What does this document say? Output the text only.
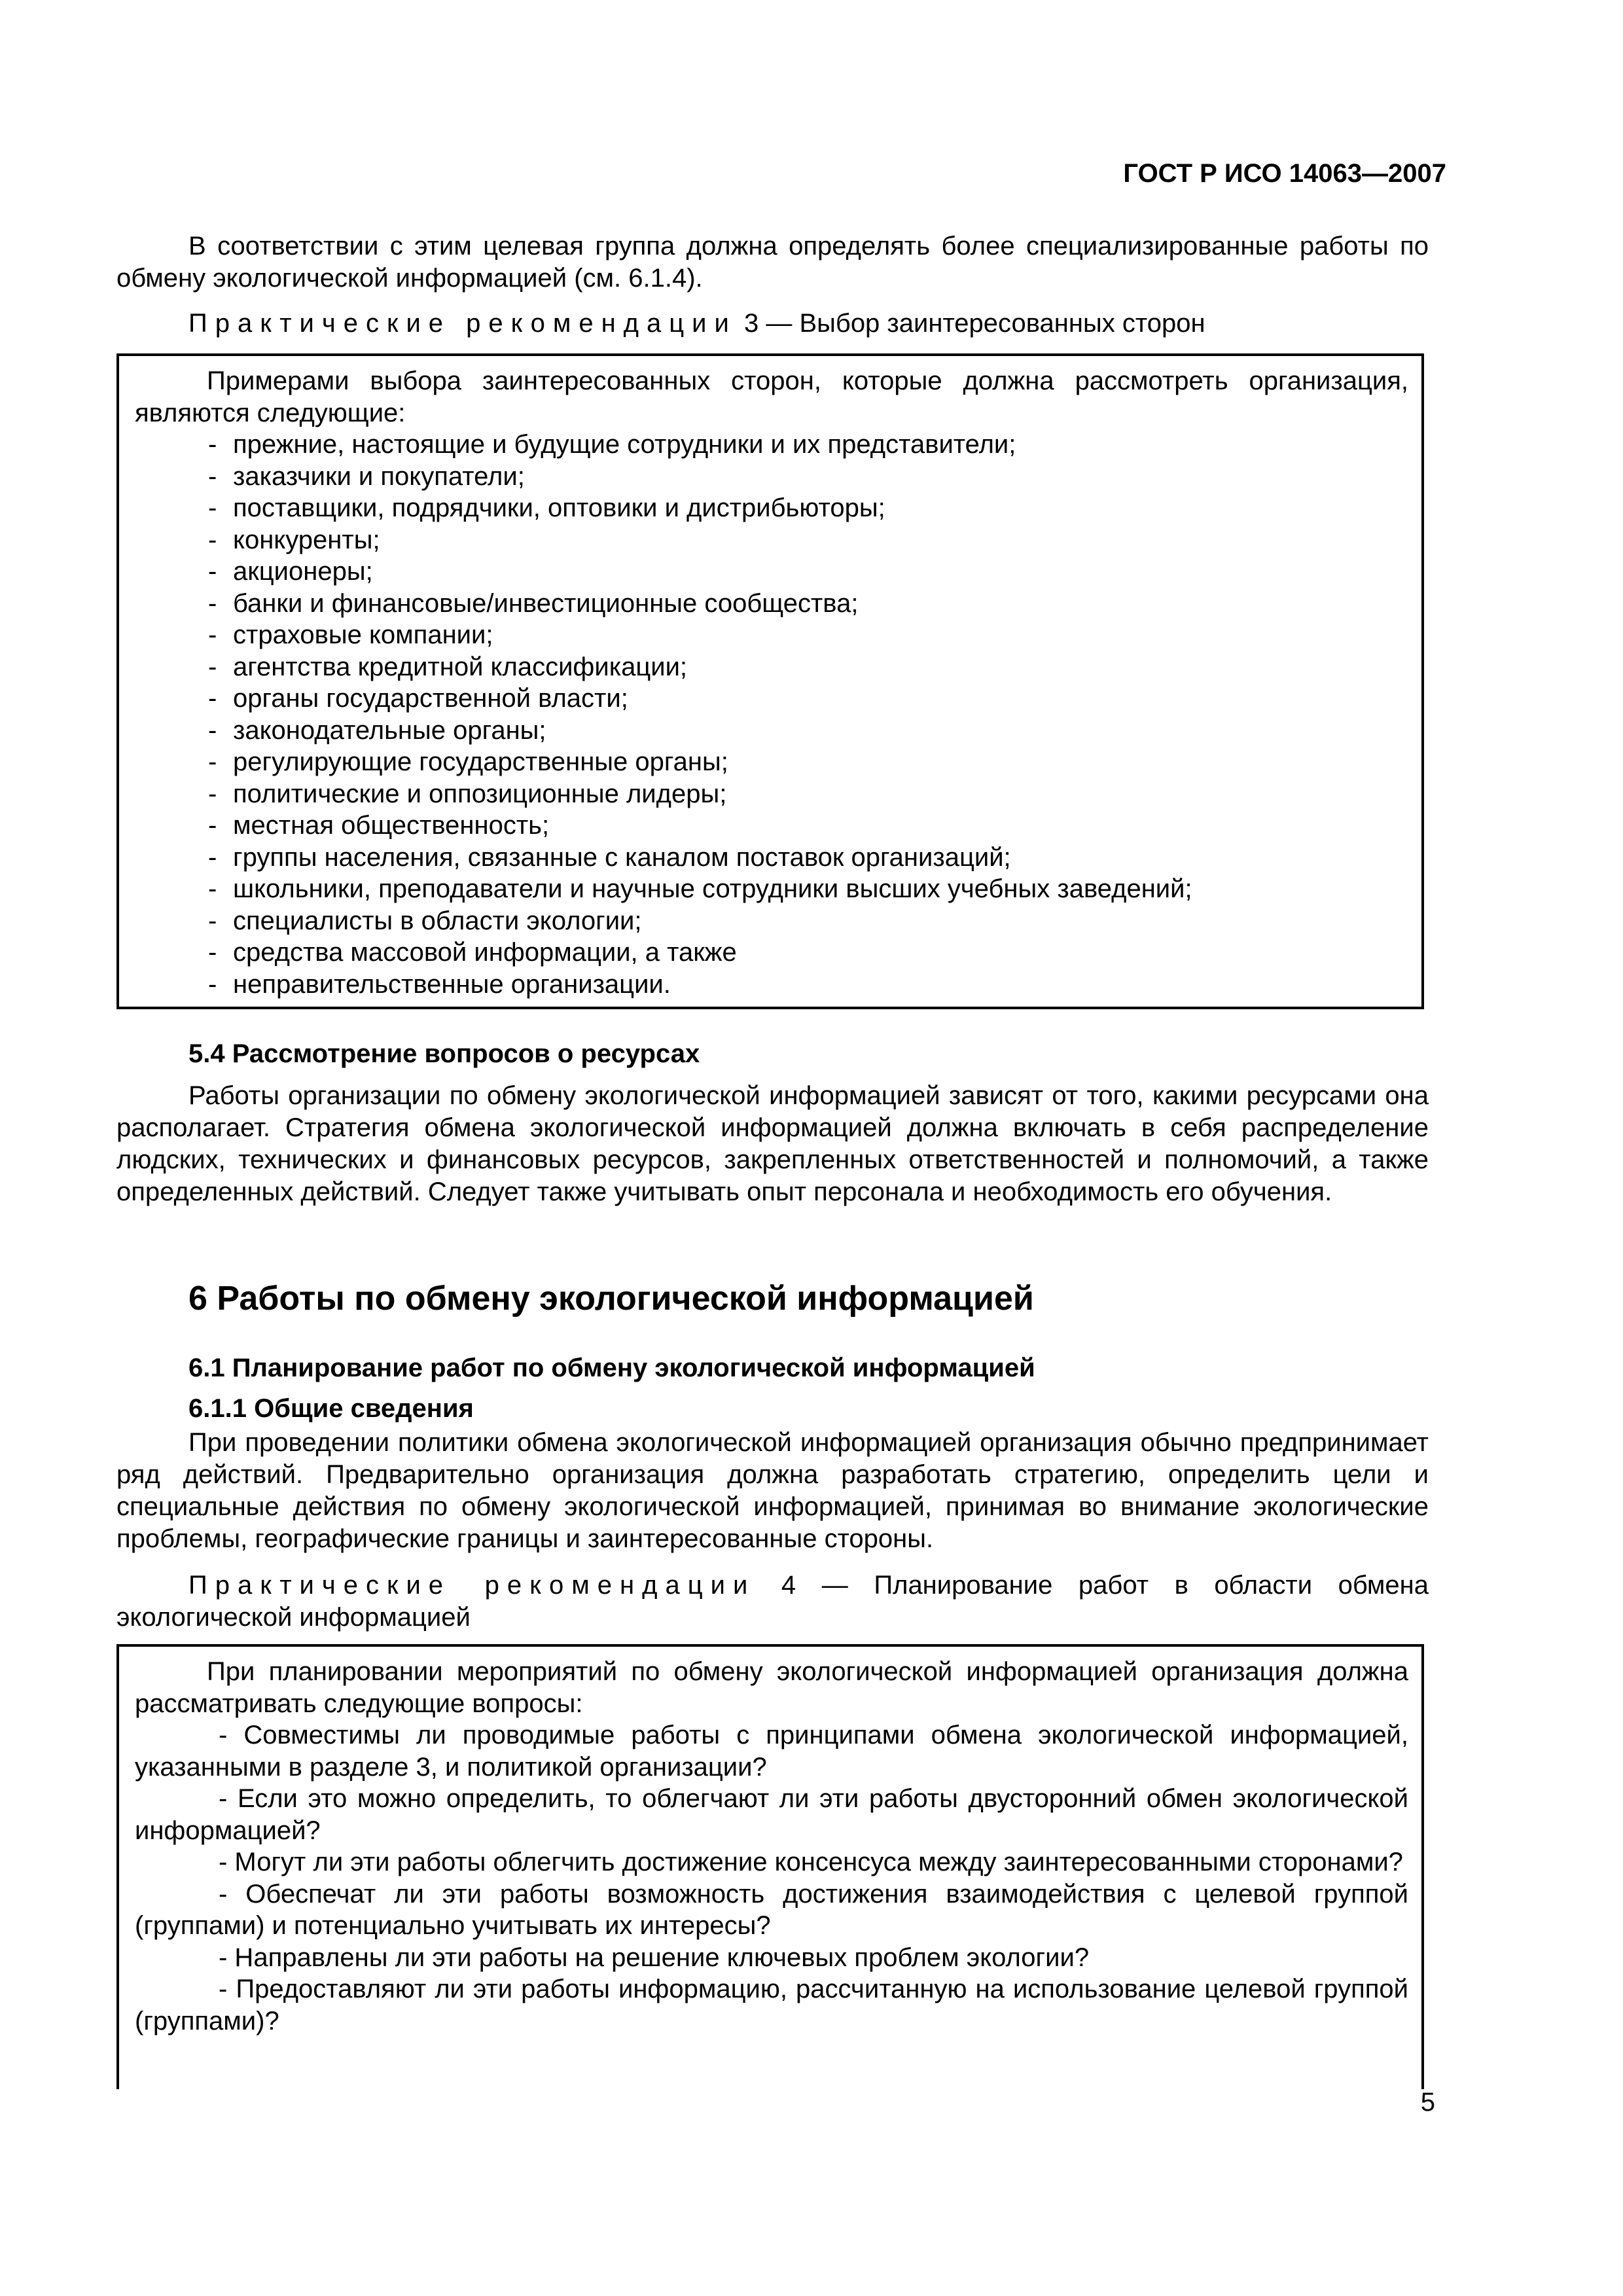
ГОСТ Р ИСО 14063—2007
В соответствии с этим целевая группа должна определять более специализированные работы по обмену экологической информацией (см. 6.1.4).
Практические рекомендации 3 — Выбор заинтересованных сторон

Примерами выбора заинтересованных сторон, которые должна рассмотреть организация, являются следующие:

- прежние, настоящие и будущие сотрудники и их представители;
- заказчики и покупатели;
- поставщики, подрядчики, оптовики и дистрибьюторы;
- конкуренты;
- акционеры;
- банки и финансовые/инвестиционные сообщества;
- страховые компании;
- агентства кредитной классификации;
- органы государственной власти;
- законодательные органы;
- регулирующие государственные органы;
- политические и оппозиционные лидеры;
- местная общественность;
- группы населения, связанные с каналом поставок организаций;
- школьники, преподаватели и научные сотрудники высших учебных заведений;
- специалисты в области экологии;
- средства массовой информации, а также
- неправительственные организации.
5.4 Рассмотрение вопросов о ресурсах
Работы организации по обмену экологической информацией зависят от того, какими ресурсами она располагает. Стратегия обмена экологической информацией должна включать в себя распределение людских, технических и финансовых ресурсов, закрепленных ответственностей и полномочий, а также определенных действий. Следует также учитывать опыт персонала и необходимость его обучения.
6 Работы по обмену экологической информацией
6.1 Планирование работ по обмену экологической информацией
6.1.1 Общие сведения
При проведении политики обмена экологической информацией организация обычно предпринимает ряд действий. Предварительно организация должна разработать стратегию, определить цели и специальные действия по обмену экологической информацией, принимая во внимание экологические проблемы, географические границы и заинтересованные стороны.
Практические рекомендации 4 — Планирование работ в области обмена экологической информацией

При планировании мероприятий по обмену экологической информацией организация должна рассматривать следующие вопросы:

- Совместимы ли проводимые работы с принципами обмена экологической информацией, указанными в разделе 3, и политикой организации?

- Если это можно определить, то облегчают ли эти работы двусторонний обмен экологической информацией?

- Могут ли эти работы облегчить достижение консенсуса между заинтересованными сторонами?

- Обеспечат ли эти работы возможность достижения взаимодействия с целевой группой (группами) и потенциально учитывать их интересы?

- Направлены ли эти работы на решение ключевых проблем экологии?

- Предоставляют ли эти работы информацию, рассчитанную на использование целевой группой (группами)?

5
